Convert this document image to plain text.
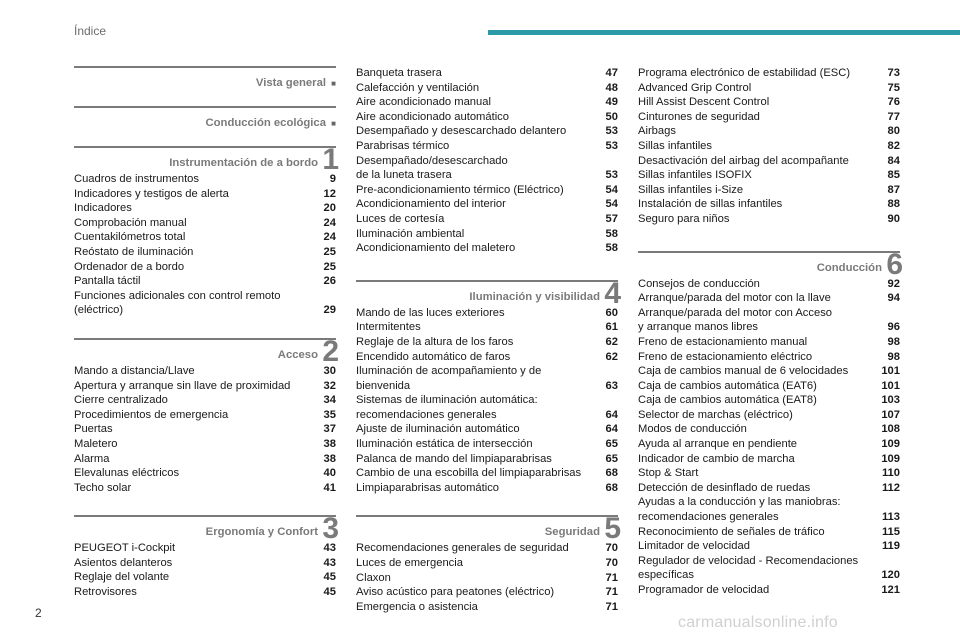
Índice
Vista general ■
Conducción ecológica ■
Instrumentación de a bordo 1
Cuadros de instrumentos	9
Indicadores y testigos de alerta	12
Indicadores	20
Comprobación manual	24
Cuentakilómetros total	24
Reóstato de iluminación	25
Ordenador de a bordo	25
Pantalla táctil	26
Funciones adicionales con control remoto
(eléctrico)	29
Acceso 2
Mando a distancia/Llave	30
Apertura y arranque sin llave de proximidad	32
Cierre centralizado	34
Procedimientos de emergencia	35
Puertas	37
Maletero	38
Alarma	38
Elevalunas eléctricos	40
Techo solar	41
Ergonomía y Confort 3
PEUGEOT i-Cockpit	43
Asientos delanteros	43
Reglaje del volante	45
Retrovisores	45
Banqueta trasera	47
Calefacción y ventilación	48
Aire acondicionado manual	49
Aire acondicionado automático	50
Desempañado y desescarchado delantero	53
Parabrisas térmico	53
Desempañado/desescarchado
de la luneta trasera	53
Pre-acondicionamiento térmico (Eléctrico)	54
Acondicionamiento del interior	54
Luces de cortesía	57
Iluminación ambiental	58
Acondicionamiento del maletero	58
Iluminación y visibilidad 4
Mando de las luces exteriores	60
Intermitentes	61
Reglaje de la altura de los faros	62
Encendido automático de faros	62
Iluminación de acompañamiento y de bienvenida	63
Sistemas de iluminación automática:
recomendaciones generales	64
Ajuste de iluminación automático	64
Iluminación estática de intersección	65
Palanca de mando del limpiaparabrisas	65
Cambio de una escobilla del limpiaparabrisas	68
Limpiaparabrisas automático	68
Seguridad 5
Recomendaciones generales de seguridad	70
Luces de emergencia	70
Claxon	71
Aviso acústico para peatones (eléctrico)	71
Emergencia o asistencia	71
Programa electrónico de estabilidad (ESC)	73
Advanced Grip Control	75
Hill Assist Descent Control	76
Cinturones de seguridad	77
Airbags	80
Sillas infantiles	82
Desactivación del airbag del acompañante	84
Sillas infantiles ISOFIX	85
Sillas infantiles i-Size	87
Instalación de sillas infantiles	88
Seguro para niños	90
Conducción 6
Consejos de conducción	92
Arranque/parada del motor con la llave	94
Arranque/parada del motor con Acceso
y arranque manos libres	96
Freno de estacionamiento manual	98
Freno de estacionamiento eléctrico	98
Caja de cambios manual de 6 velocidades	101
Caja de cambios automática (EAT6)	101
Caja de cambios automática (EAT8)	103
Selector de marchas (eléctrico)	107
Modos de conducción	108
Ayuda al arranque en pendiente	109
Indicador de cambio de marcha	109
Stop & Start	110
Detección de desinflado de ruedas	112
Ayudas a la conducción y las maniobras:
recomendaciones generales	113
Reconocimiento de señales de tráfico	115
Limitador de velocidad	119
Regulador de velocidad - Recomendaciones
específicas	120
Programador de velocidad	121
2
carmanualsonline.info
